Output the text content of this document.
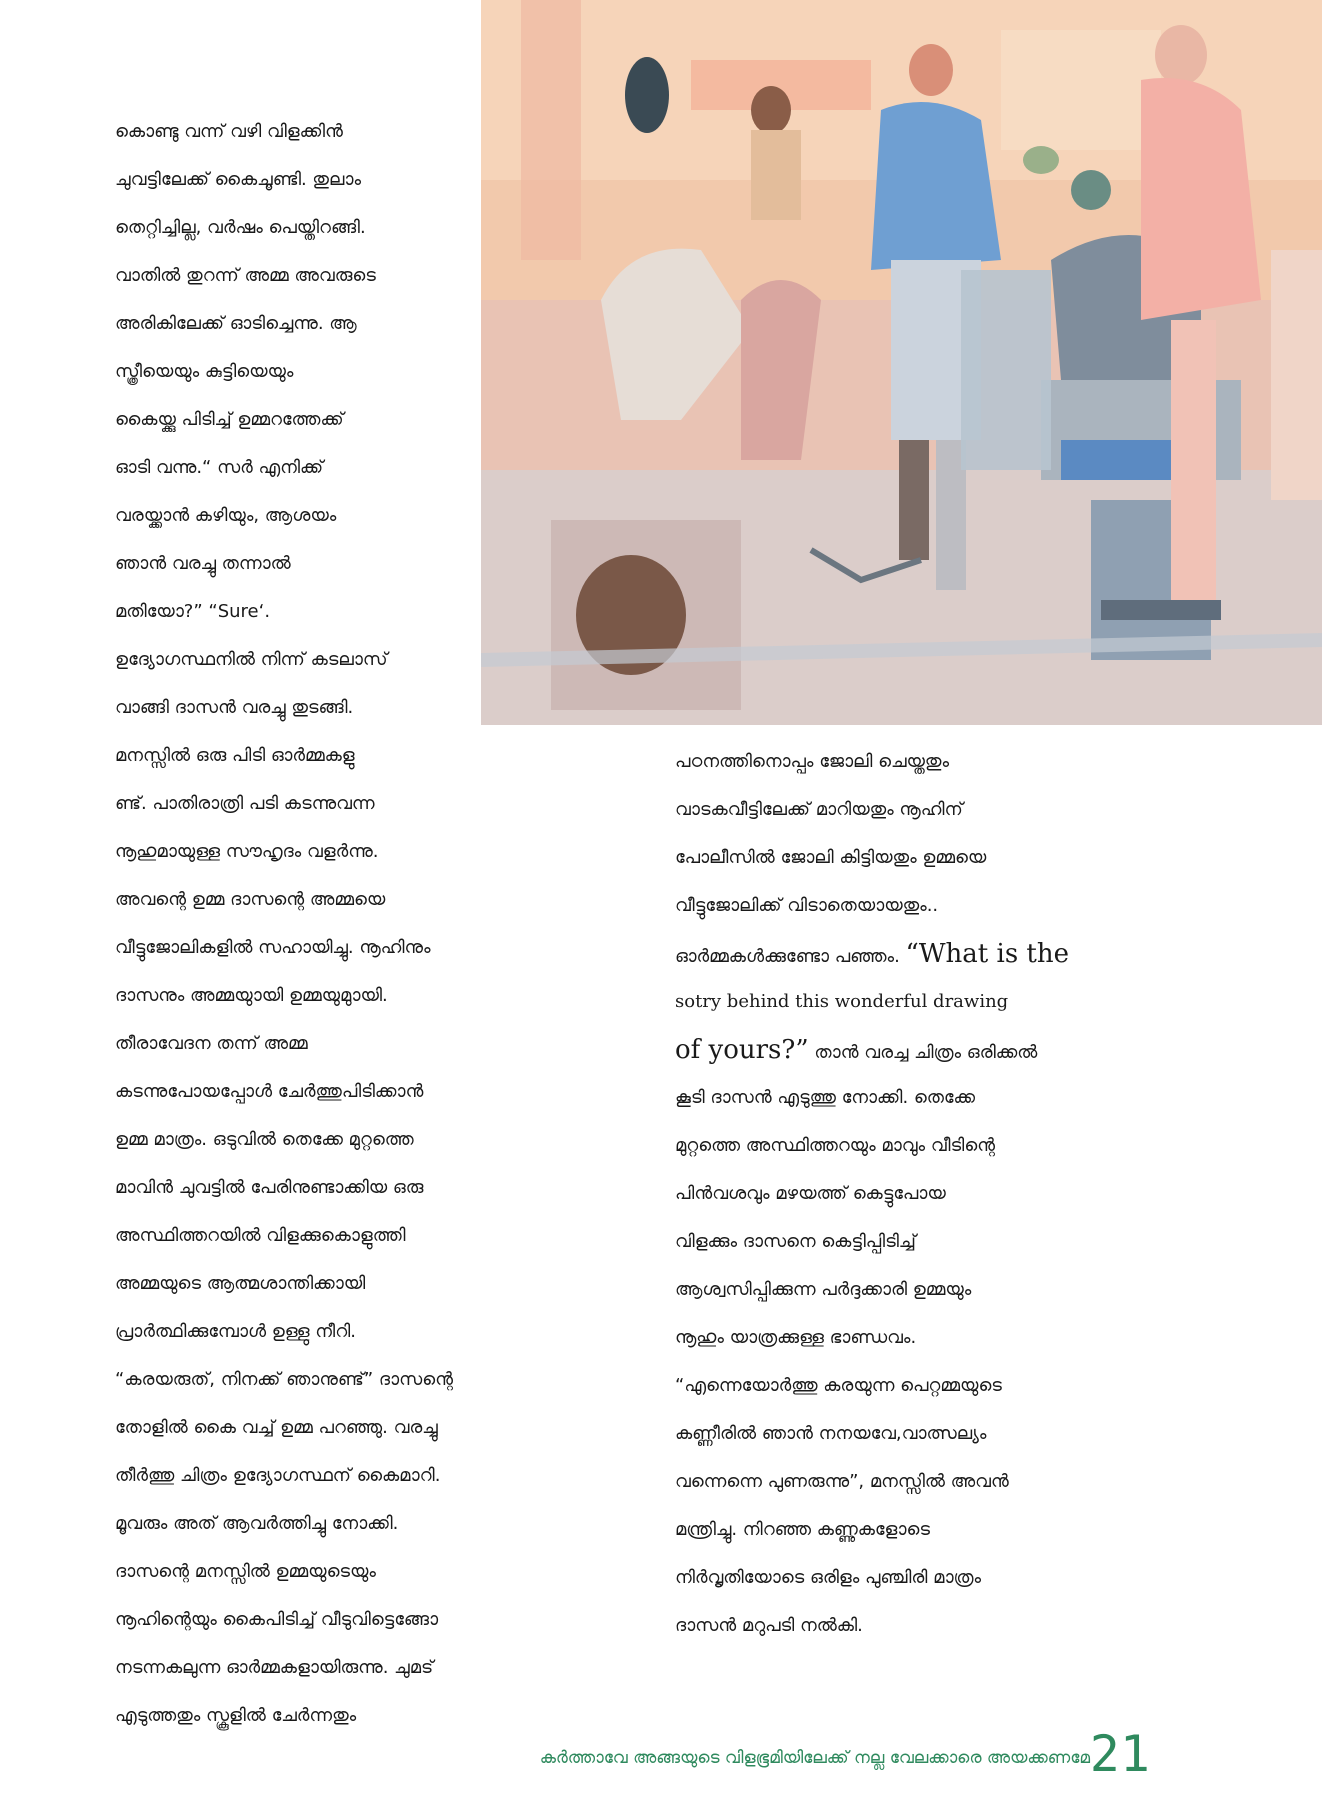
കൊണ്ടു വന്ന് വഴി വിളക്കിൻ
ചുവട്ടിലേക്ക് കൈചൂണ്ടി. തുലാം
തെറ്റിച്ചില്ല, വർഷം പെയ്തിറങ്ങി.
വാതിൽ തുറന്ന് അമ്മ അവരുടെ
അരികിലേക്ക് ഓടിച്ചെന്നു. ആ
സ്ത്രീയെയും കുട്ടിയെയും
കൈയ്ക്കു പിടിച്ച് ഉമ്മറത്തേക്ക്
ഓടി വന്നു.“ സർ എനിക്ക്
വരയ്ക്കാൻ കഴിയും, ആശയം
ഞാൻ വരച്ചു തന്നാൽ
മതിയോ?” “Sure‘.
ഉദ്യോഗസ്ഥനിൽ നിന്ന് കടലാസ്
വാങ്ങി ദാസൻ വരച്ചു തുടങ്ങി.
മനസ്സിൽ ഒരു പിടി ഓർമ്മകളു
ണ്ട്. പാതിരാത്രി പടി കടന്നുവന്ന
നൂഹുമായുള്ള സൗഹൃദം വളർന്നു.
അവന്റെ ഉമ്മ ദാസന്റെ അമ്മയെ
വീട്ടുജോലികളിൽ സഹായിച്ചു. നൂഹിനും
ദാസനും അമ്മയുായി ഉമ്മയുമുായി.
തീരാവേദന തന്ന് അമ്മ
കടന്നുപോയപ്പോൾ ചേർത്തുപിടിക്കാൻ
ഉമ്മ മാത്രം. ഒടുവിൽ തെക്കേ മുറ്റത്തെ
മാവിൻ ചുവട്ടിൽ പേരിനുണ്ടാക്കിയ ഒരു
അസ്ഥിത്തറയിൽ വിളക്കുകൊളുത്തി
അമ്മയുടെ ആത്മശാന്തിക്കായി
പ്രാർത്ഥിക്കുമ്പോൾ ഉള്ളു നീറി.
“കരയരുത്, നിനക്ക് ഞാനുണ്ട്” ദാസന്റെ
തോളിൽ കൈ വച്ച് ഉമ്മ പറഞ്ഞു. വരച്ചു
തീർത്തു ചിത്രം ഉദ്യോഗസ്ഥന് കൈമാറി.
മൂവരും അത് ആവർത്തിച്ചു നോക്കി.
ദാസന്റെ മനസ്സിൽ ഉമ്മയുടെയും
നൂഹിന്റെയും കൈപിടിച്ച് വീടുവിട്ടെങ്ങോ
നടന്നകലുന്ന ഓർമ്മകളായിരുന്നു. ചുമട്
എടുത്തതും സ്കൂളിൽ ചേർന്നതും
പഠനത്തിനൊപ്പം ജോലി ചെയ്തതും
വാടകവീട്ടിലേക്ക് മാറിയതും നൂഹിന്
പോലീസിൽ ജോലി കിട്ടിയതും ഉമ്മയെ
വീട്ടുജോലിക്ക് വിടാതെയായതും..
ഓർമ്മകൾക്കുണ്ടോ പഞ്ഞം. “What is the
sotry behind this wonderful drawing
of yours?” താൻ വരച്ച ചിത്രം ഒരിക്കൽ
കൂടി ദാസൻ എടുത്തു നോക്കി. തെക്കേ
മുറ്റത്തെ അസ്ഥിത്തറയും മാവും വീടിന്റെ
പിൻവശവും മഴയത്ത് കെട്ടുപോയ
വിളക്കും ദാസനെ കെട്ടിപ്പിടിച്ച്
ആശ്വസിപ്പിക്കുന്ന പർദ്ദക്കാരി ഉമ്മയും
നൂഹും യാത്രക്കുള്ള ഭാണ്ഡവം.
“എന്നെയോർത്തു കരയുന്ന പെറ്റമ്മയുടെ
കണ്ണീരിൽ ഞാൻ നനയവേ,വാത്സല്യം
വന്നെന്നെ പുണരുന്നു”, മനസ്സിൽ അവൻ
മന്ത്രിച്ചു. നിറഞ്ഞ കണ്ണുകളോടെ
നിർവൃതിയോടെ ഒരിളം പുഞ്ചിരി മാത്രം
ദാസൻ മറുപടി നൽകി.
കർത്താവേ അങ്ങയുടെ വിളഭൂമിയിലേക്ക് നല്ല വേലക്കാരെ അയക്കണമേ 21
